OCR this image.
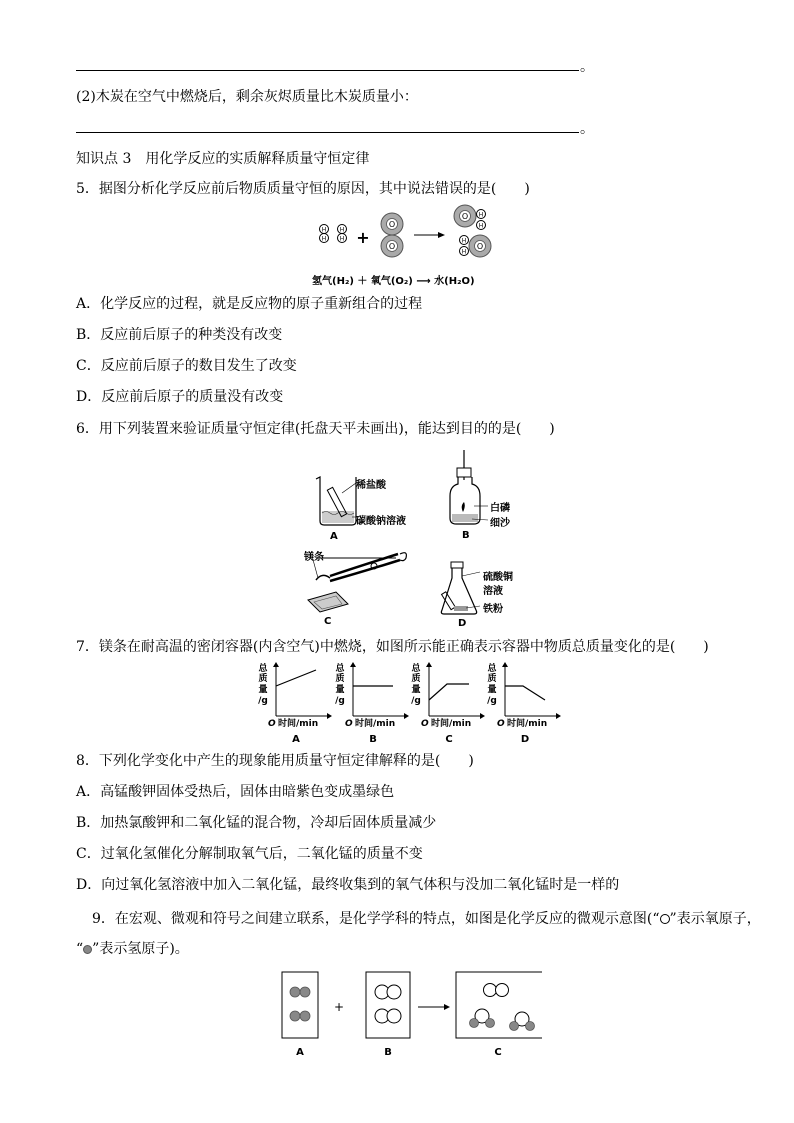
。
(2)木炭在空气中燃烧后，剩余灰烬质量比木炭质量小：
。
知识点 3　用化学反应的实质解释质量守恒定律
5．据图分析化学反应前后物质质量守恒的原因，其中说法错误的是(　　)
H
H
H
H +
O
O
O
O
H
H
H
H
氢气(H₂) ＋ 氧气(O₂) ⟶ 水(H₂O)
A．化学反应的过程，就是反应物的原子重新组合的过程
B．反应前后原子的种类没有改变
C．反应前后原子的数目发生了改变
D．反应前后原子的质量没有改变
6．用下列装置来验证质量守恒定律(托盘天平未画出)，能达到目的的是(　　)
A
稀盐酸
碳酸钠溶液
B
白磷
细沙
C
镁条
D
硫酸铜
溶液
铁粉
7．镁条在耐高温的密闭容器(内含空气)中燃烧，如图所示能正确表示容器中物质总质量变化的是(　　)
总
质
量
/g
O 时间/min
A
总
质
量
/g
O 时间/min
B
总
质
量
/g
O 时间/min
C
总
质
量
/g
O 时间/min
D
8．下列化学变化中产生的现象能用质量守恒定律解释的是(　　)
A．高锰酸钾固体受热后，固体由暗紫色变成墨绿色
B．加热氯酸钾和二氧化锰的混合物，冷却后固体质量减少
C．过氧化氢催化分解制取氧气后，二氧化锰的质量不变
D．向过氧化氢溶液中加入二氧化锰，最终收集到的氧气体积与没加二氧化锰时是一样的
9．在宏观、微观和符号之间建立联系，是化学学科的特点，如图是化学反应的微观示意图(“ ”表示氧原子，
“ ”表示氢原子)。
A
+
B	C
